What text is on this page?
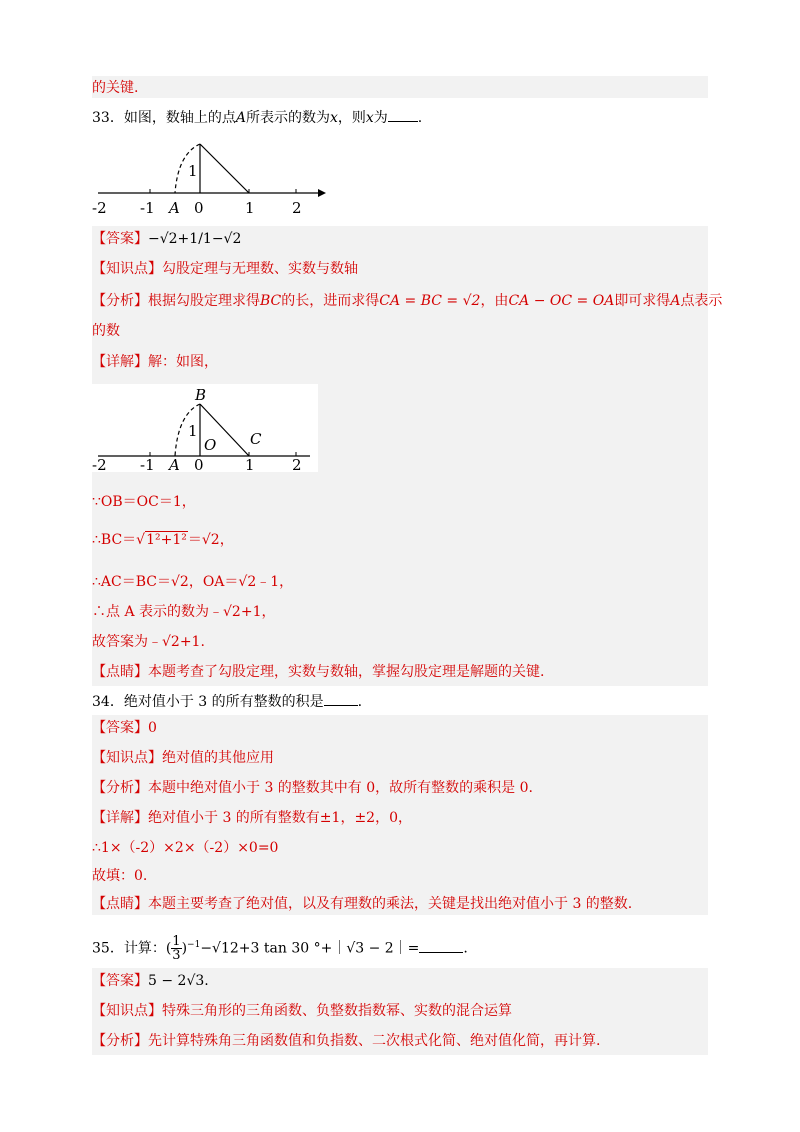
的关键.
33．如图，数轴上的点A所表示的数为x，则x为 .
-2 -1 A 0	1 2
1
【答案】−√2+1/1−√2
【知识点】勾股定理与无理数、实数与数轴
【分析】根据勾股定理求得BC的长，进而求得CA = BC = √2，由CA − OC = OA即可求得A点表示
的数
【详解】解：如图，
B
1
O C
-2 -1 A 0	1 2
∵OB＝OC＝1，
∴BC＝√1²+1²＝√2，
∴AC＝BC＝√2，OA＝√2﹣1，
∴点 A 表示的数为﹣√2+1，
故答案为﹣√2+1.
【点睛】本题考查了勾股定理，实数与数轴，掌握勾股定理是解题的关键.
34．绝对值小于 3 的所有整数的积是 .
【答案】0
【知识点】绝对值的其他应用
【分析】本题中绝对值小于 3 的整数其中有 0，故所有整数的乘积是 0.
【详解】绝对值小于 3 的所有整数有±1，±2，0，
∴1×（-2）×2×（-2）×0=0
故填：0.
【点睛】本题主要考查了绝对值，以及有理数的乘法，关键是找出绝对值小于 3 的整数.
35．计算：( $\frac{1}{3} )^{-1}-√12+3$ tan 30 °+｜√3 − 2｜=	.
【答案】5 − 2√3.
【知识点】特殊三角形的三角函数、负整数指数幂、实数的混合运算
【分析】先计算特殊角三角函数值和负指数、二次根式化简、绝对值化简，再计算.
